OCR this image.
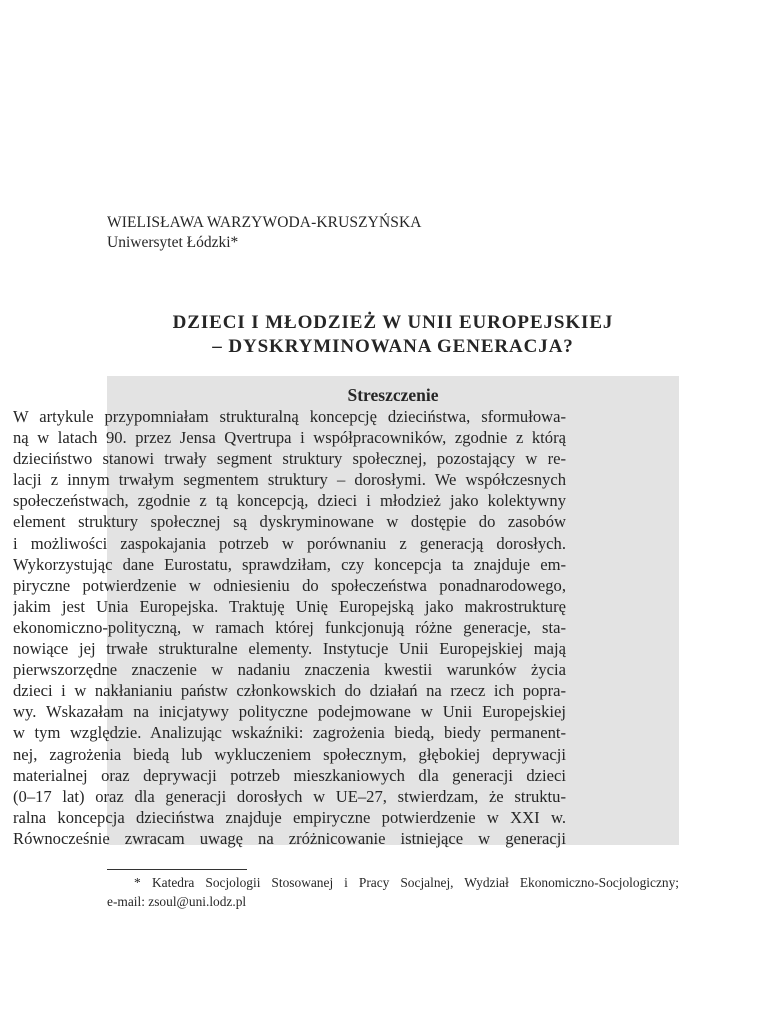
WIELISŁAWA WARZYWODA-KRUSZYŃSKA
Uniwersytet Łódzki*
DZIECI I MŁODZIEŻ W UNII EUROPEJSKIEJ
– DYSKRYMINOWANA GENERACJA?
Streszczenie
W artykule przypomniałam strukturalną koncepcję dzieciństwa, sformułowa-
ną w latach 90. przez Jensa Qvertrupa i współpracowników, zgodnie z którą
dzieciństwo stanowi trwały segment struktury społecznej, pozostający w re-
lacji z innym trwałym segmentem struktury – dorosłymi. We współczesnych
społeczeństwach, zgodnie z tą koncepcją, dzieci i młodzież jako kolektywny
element struktury społecznej są dyskryminowane w dostępie do zasobów
i możliwości zaspokajania potrzeb w porównaniu z generacją dorosłych.
Wykorzystując dane Eurostatu, sprawdziłam, czy koncepcja ta znajduje em-
piryczne potwierdzenie w odniesieniu do społeczeństwa ponadnarodowego,
jakim jest Unia Europejska. Traktuję Unię Europejską jako makrostrukturę
ekonomiczno-polityczną, w ramach której funkcjonują różne generacje, sta-
nowiące jej trwałe strukturalne elementy. Instytucje Unii Europejskiej mają
pierwszorzędne znaczenie w nadaniu znaczenia kwestii warunków życia
dzieci i w nakłanianiu państw członkowskich do działań na rzecz ich popra-
wy. Wskazałam na inicjatywy polityczne podejmowane w Unii Europejskiej
w tym względzie. Analizując wskaźniki: zagrożenia biedą, biedy permanent-
nej, zagrożenia biedą lub wykluczeniem społecznym, głębokiej deprywacji
materialnej oraz deprywacji potrzeb mieszkaniowych dla generacji dzieci
(0–17 lat) oraz dla generacji dorosłych w UE–27, stwierdzam, że struktu-
ralna koncepcja dzieciństwa znajduje empiryczne potwierdzenie w XXI w.
Równocześnie zwracam uwagę na zróżnicowanie istniejące w generacji
* Katedra Socjologii Stosowanej i Pracy Socjalnej, Wydział Ekonomiczno-Socjologiczny;
e-mail: zsoul@uni.lodz.pl
